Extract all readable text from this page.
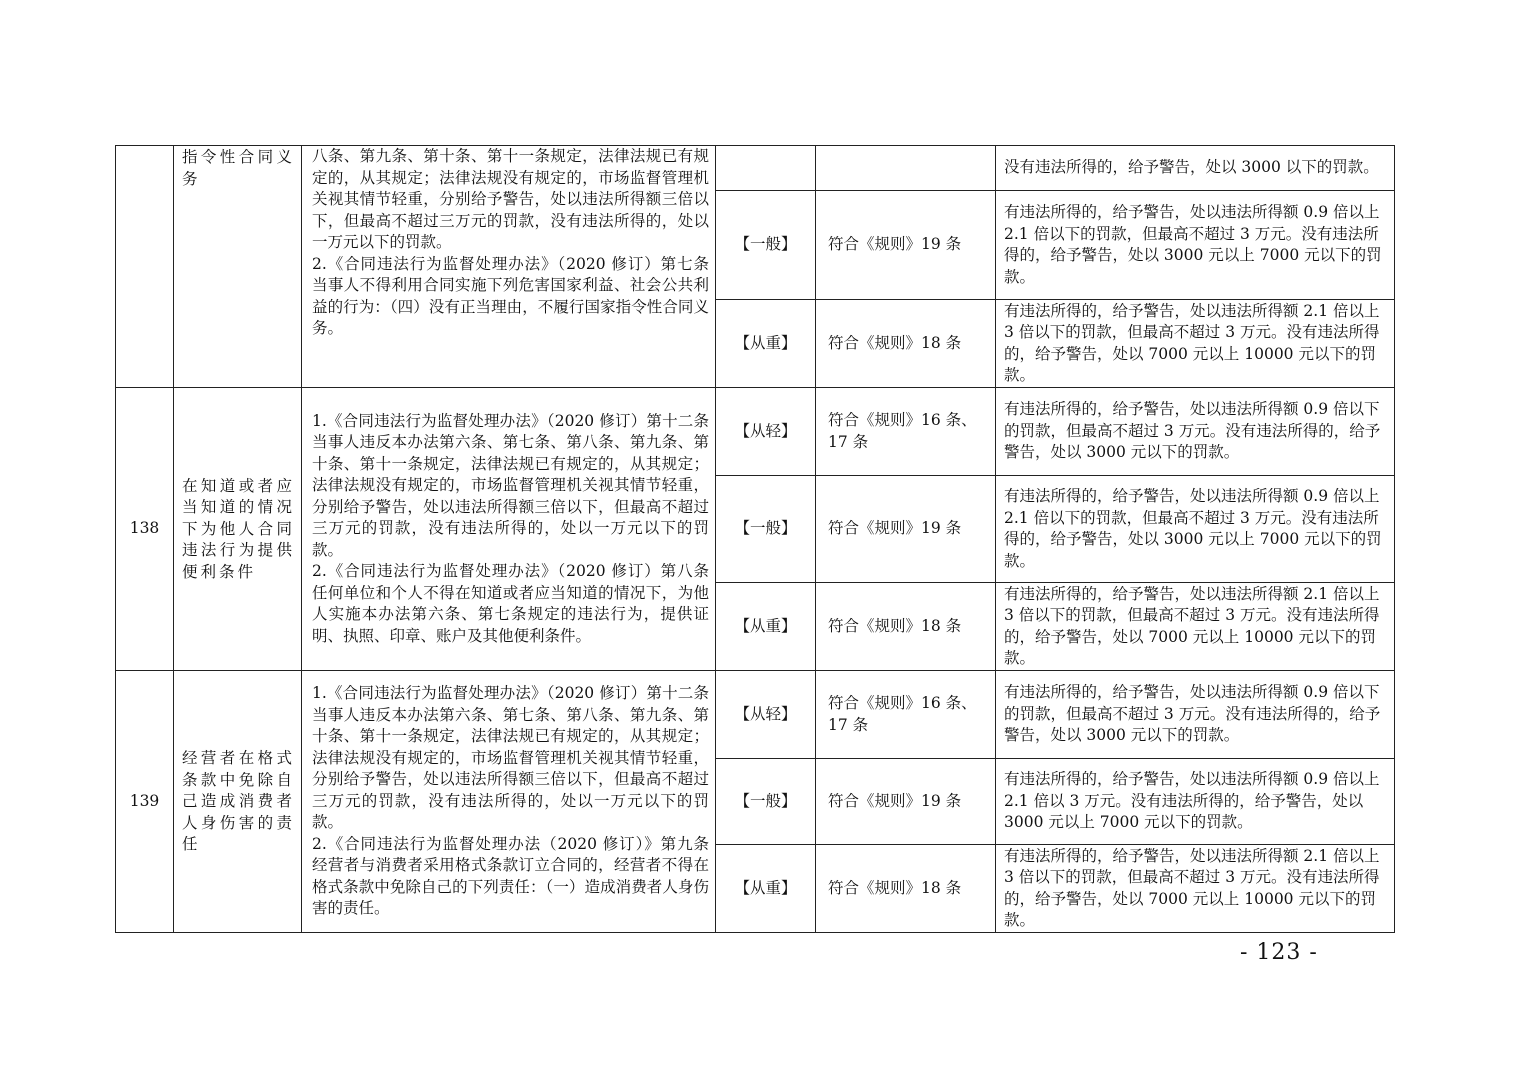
	指令性合同义务	八条、第九条、第十条、第十一条规定，法律法规已有规定的，从其规定；法律法规没有规定的，市场监督管理机关视其情节轻重，分别给予警告，处以违法所得额三倍以下，但最高不超过三万元的罚款，没有违法所得的，处以一万元以下的罚款。
2.《合同违法行为监督处理办法》（2020 修订）第七条 当事人不得利用合同实施下列危害国家利益、社会公共利益的行为：（四）没有正当理由，不履行国家指令性合同义务。			没有违法所得的，给予警告，处以 3000 以下的罚款。
			【一般】	符合《规则》19 条	有违法所得的，给予警告，处以违法所得额 0.9 倍以上 2.1 倍以下的罚款，但最高不超过 3 万元。没有违法所得的，给予警告，处以 3000 元以上 7000 元以下的罚款。
			【从重】	符合《规则》18 条	有违法所得的，给予警告，处以违法所得额 2.1 倍以上 3 倍以下的罚款，但最高不超过 3 万元。没有违法所得的，给予警告，处以 7000 元以上 10000 元以下的罚款。
138	在知道或者应当知道的情况下为他人合同违法行为提供便利条件	1.《合同违法行为监督处理办法》（2020 修订）第十二条 当事人违反本办法第六条、第七条、第八条、第九条、第十条、第十一条规定，法律法规已有规定的，从其规定；法律法规没有规定的，市场监督管理机关视其情节轻重，分别给予警告，处以违法所得额三倍以下，但最高不超过三万元的罚款，没有违法所得的，处以一万元以下的罚款。
2.《合同违法行为监督处理办法》（2020 修订）第八条 任何单位和个人不得在知道或者应当知道的情况下，为他人实施本办法第六条、第七条规定的违法行为，提供证明、执照、印章、账户及其他便利条件。	【从轻】	符合《规则》16 条、17 条	有违法所得的，给予警告，处以违法所得额 0.9 倍以下的罚款，但最高不超过 3 万元。没有违法所得的，给予警告，处以 3000 元以下的罚款。
			【一般】	符合《规则》19 条	有违法所得的，给予警告，处以违法所得额 0.9 倍以上 2.1 倍以下的罚款，但最高不超过 3 万元。没有违法所得的，给予警告，处以 3000 元以上 7000 元以下的罚款。
			【从重】	符合《规则》18 条	有违法所得的，给予警告，处以违法所得额 2.1 倍以上 3 倍以下的罚款，但最高不超过 3 万元。没有违法所得的，给予警告，处以 7000 元以上 10000 元以下的罚款。
139	经营者在格式条款中免除自己造成消费者人身伤害的责任	1.《合同违法行为监督处理办法》（2020 修订）第十二条 当事人违反本办法第六条、第七条、第八条、第九条、第十条、第十一条规定，法律法规已有规定的，从其规定；法律法规没有规定的，市场监督管理机关视其情节轻重，分别给予警告，处以违法所得额三倍以下，但最高不超过三万元的罚款，没有违法所得的，处以一万元以下的罚款。
2.《合同违法行为监督处理办法（2020 修订）》第九条 经营者与消费者采用格式条款订立合同的，经营者不得在格式条款中免除自己的下列责任：（一）造成消费者人身伤害的责任。	【从轻】	符合《规则》16 条、17 条	有违法所得的，给予警告，处以违法所得额 0.9 倍以下的罚款，但最高不超过 3 万元。没有违法所得的，给予警告，处以 3000 元以下的罚款。
			【一般】	符合《规则》19 条	有违法所得的，给予警告，处以违法所得额 0.9 倍以上 2.1 倍以 3 万元。没有违法所得的，给予警告，处以 3000 元以上 7000 元以下的罚款。
			【从重】	符合《规则》18 条	有违法所得的，给予警告，处以违法所得额 2.1 倍以上 3 倍以下的罚款，但最高不超过 3 万元。没有违法所得的，给予警告，处以 7000 元以上 10000 元以下的罚款。
- 123 -
